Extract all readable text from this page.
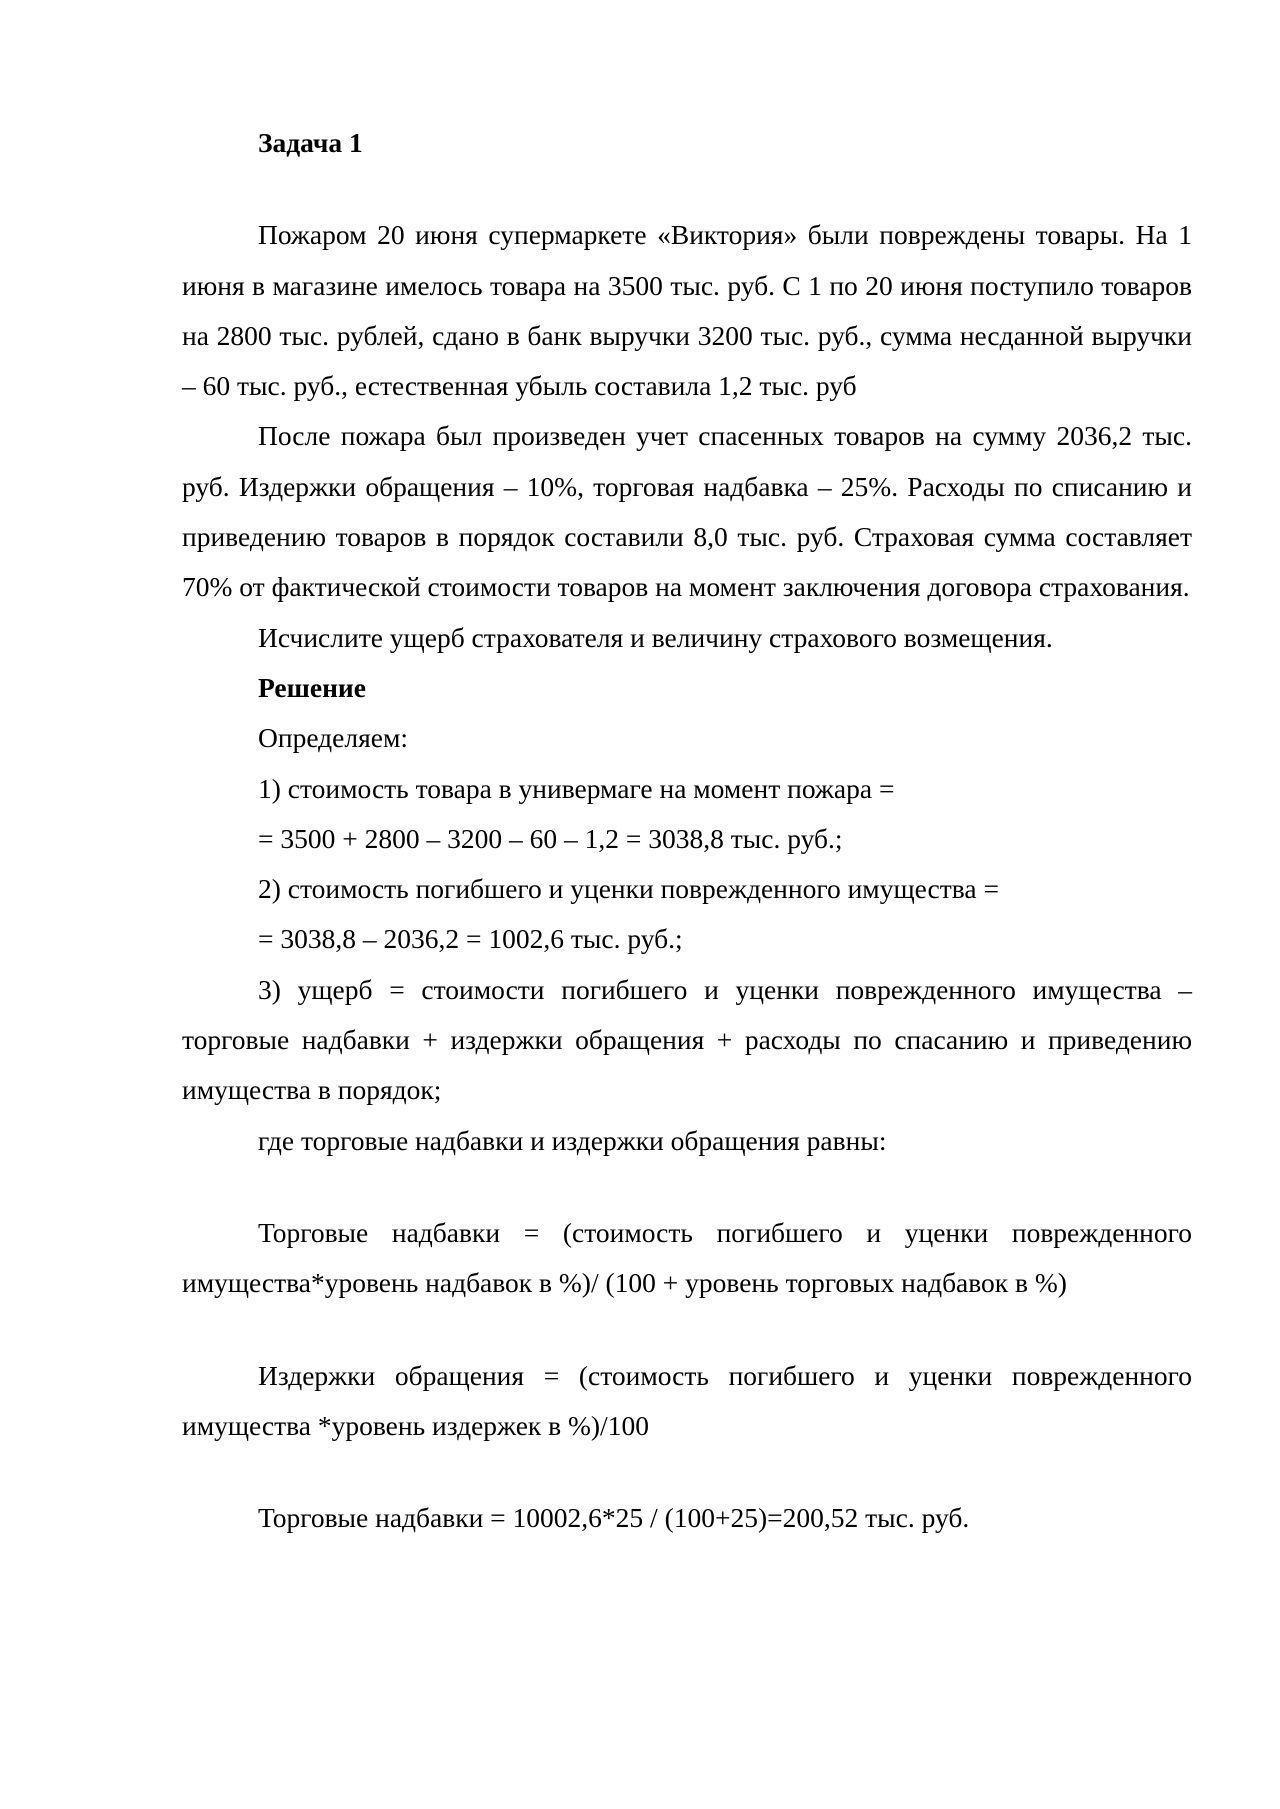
Задача 1

Пожаром 20 июня супермаркете «Виктория» были повреждены товары. На 1 июня в магазине имелось товара на 3500 тыс. руб. С 1 по 20 июня поступило товаров на 2800 тыс. рублей, сдано в банк выручки 3200 тыс. руб., сумма несданной выручки – 60 тыс. руб., естественная убыль составила 1,2 тыс. руб

После пожара был произведен учет спасенных товаров на сумму 2036,2 тыс. руб. Издержки обращения – 10%, торговая надбавка – 25%. Расходы по списанию и приведению товаров в порядок составили 8,0 тыс. руб. Страховая сумма составляет 70% от фактической стоимости товаров на момент заключения договора страхования.

Исчислите ущерб страхователя и величину страхового возмещения.

Решение

Определяем:

1) стоимость товара в универмаге на момент пожара =

= 3500 + 2800 – 3200 – 60 – 1,2 = 3038,8 тыс. руб.;

2) стоимость погибшего и уценки поврежденного имущества =

= 3038,8 – 2036,2 = 1002,6 тыс. руб.;

3) ущерб = стоимости погибшего и уценки поврежденного имущества – торговые надбавки + издержки обращения + расходы по спасанию и приведению имущества в порядок;

где торговые надбавки и издержки обращения равны:

Торговые надбавки = (стоимость погибшего и уценки поврежденного имущества*уровень надбавок в %)/ (100 + уровень торговых надбавок в %)

Издержки обращения = (стоимость погибшего и уценки поврежденного имущества *уровень издержек в %)/100

Торговые надбавки = 10002,6*25 / (100+25)=200,52 тыс. руб.
